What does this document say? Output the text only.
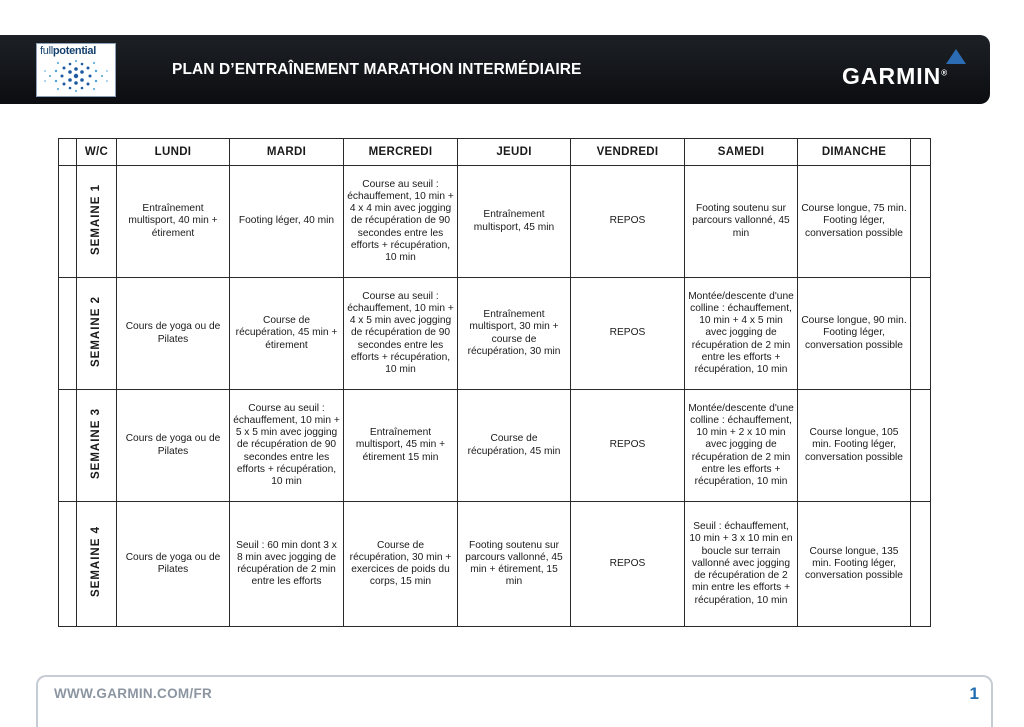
fullpotential
PLAN D’ENTRAÎNEMENT MARATHON INTERMÉDIAIRE	GARMIN®
	W/C	LUNDI	MARDI	MERCREDI	JEUDI	VENDREDI	SAMEDI	DIMANCHE	
	SEMAINE 1	Entraînement multisport, 40 min + étirement	Footing léger, 40 min	Course au seuil : échauffement, 10 min + 4 x 4 min avec jogging de récupération de 90 secondes entre les efforts + récupération, 10 min	Entraînement multisport, 45 min	REPOS	Footing soutenu sur parcours vallonné, 45 min	Course longue, 75 min. Footing léger, conversation possible	
	SEMAINE 2	Cours de yoga ou de Pilates	Course de récupération, 45 min + étirement	Course au seuil : échauffement, 10 min + 4 x 5 min avec jogging de récupération de 90 secondes entre les efforts + récupération, 10 min	Entraînement multisport, 30 min + course de récupération, 30 min	REPOS	Montée/descente d'une colline : échauffement, 10 min + 4 x 5 min avec jogging de récupération de 2 min entre les efforts + récupération, 10 min	Course longue, 90 min. Footing léger, conversation possible	
	SEMAINE 3	Cours de yoga ou de Pilates	Course au seuil : échauffement, 10 min + 5 x 5 min avec jogging de récupération de 90 secondes entre les efforts + récupération, 10 min	Entraînement multisport, 45 min + étirement 15 min	Course de récupération, 45 min	REPOS	Montée/descente d'une colline : échauffement, 10 min + 2 x 10 min avec jogging de récupération de 2 min entre les efforts + récupération, 10 min	Course longue, 105 min. Footing léger, conversation possible	
	SEMAINE 4	Cours de yoga ou de Pilates	Seuil : 60 min dont 3 x 8 min avec jogging de récupération de 2 min entre les efforts	Course de récupération, 30 min + exercices de poids du corps, 15 min	Footing soutenu sur parcours vallonné, 45 min + étirement, 15 min	REPOS	Seuil : échauffement, 10 min + 3 x 10 min en boucle sur terrain vallonné avec jogging de récupération de 2 min entre les efforts + récupération, 10 min	Course longue, 135 min. Footing léger, conversation possible	
WWW.GARMIN.COM/FR	1
